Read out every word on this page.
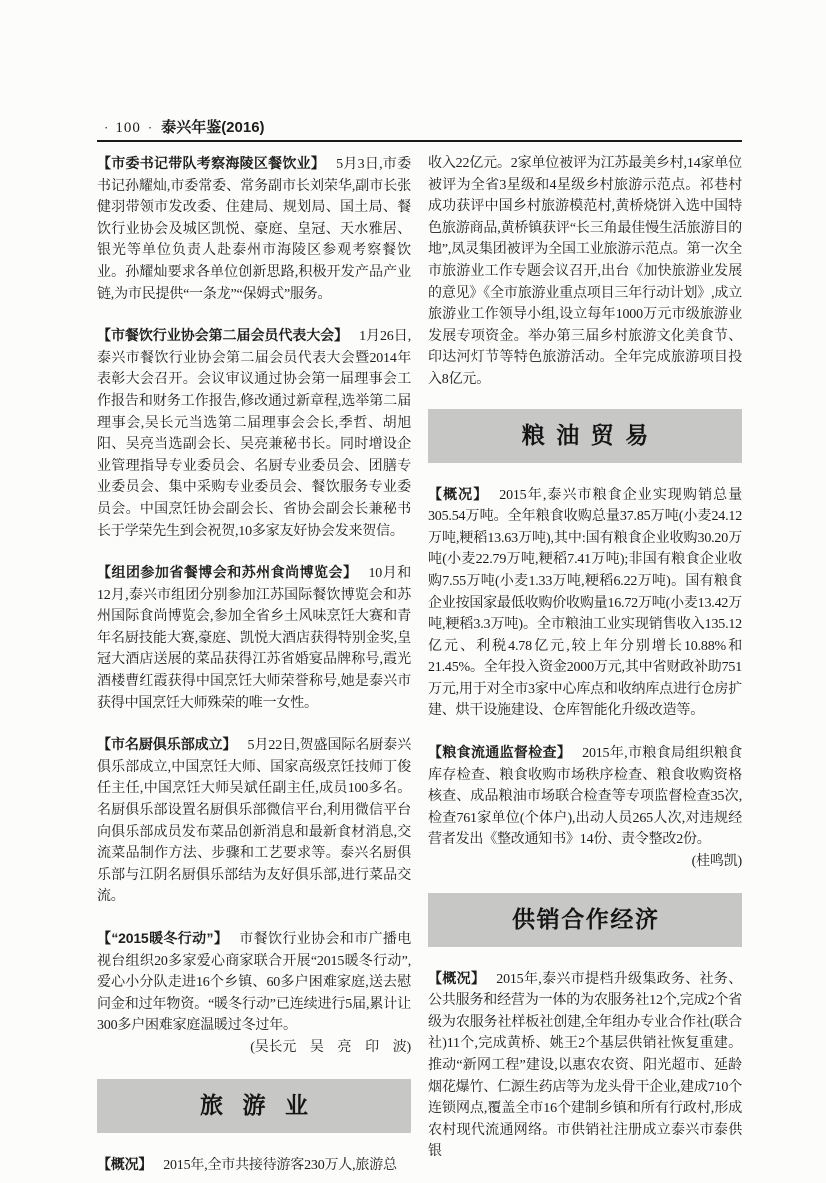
· 100 · 泰兴年鉴(2016)

【市委书记带队考察海陵区餐饮业】 5月3日,市委书记孙耀灿,市委常委、常务副市长刘荣华,副市长张健羽带领市发改委、住建局、规划局、国土局、餐饮行业协会及城区凯悦、豪庭、皇冠、天水雅居、银光等单位负责人赴泰州市海陵区参观考察餐饮业。孙耀灿要求各单位创新思路,积极开发产品产业链,为市民提供“一条龙”“保姆式”服务。

【市餐饮行业协会第二届会员代表大会】 1月26日,泰兴市餐饮行业协会第二届会员代表大会暨2014年表彰大会召开。会议审议通过协会第一届理事会工作报告和财务工作报告,修改通过新章程,选举第二届理事会,吴长元当选第二届理事会会长,季哲、胡旭阳、吴亮当选副会长、吴亮兼秘书长。同时增设企业管理指导专业委员会、名厨专业委员会、团膳专业委员会、集中采购专业委员会、餐饮服务专业委员会。中国烹饪协会副会长、省协会副会长兼秘书长于学荣先生到会祝贺,10多家友好协会发来贺信。

【组团参加省餐博会和苏州食尚博览会】 10月和12月,泰兴市组团分别参加江苏国际餐饮博览会和苏州国际食尚博览会,参加全省乡土风味烹饪大赛和青年名厨技能大赛,豪庭、凯悦大酒店获得特别金奖,皇冠大酒店送展的菜品获得江苏省婚宴品牌称号,霞光酒楼曹红霞获得中国烹饪大师荣誉称号,她是泰兴市获得中国烹饪大师殊荣的唯一女性。

【市名厨俱乐部成立】 5月22日,贺盛国际名厨泰兴俱乐部成立,中国烹饪大师、国家高级烹饪技师丁俊任主任,中国烹饪大师吴斌任副主任,成员100多名。名厨俱乐部设置名厨俱乐部微信平台,利用微信平台向俱乐部成员发布菜品创新消息和最新食材消息,交流菜品制作方法、步骤和工艺要求等。泰兴名厨俱乐部与江阴名厨俱乐部结为友好俱乐部,进行菜品交流。

【“2015暖冬行动”】 市餐饮行业协会和市广播电视台组织20多家爱心商家联合开展“2015暖冬行动”,爱心小分队走进16个乡镇、60多户困难家庭,送去慰问金和过年物资。“暖冬行动”已连续进行5届,累计让300多户困难家庭温暖过冬过年。

(吴长元　吴　亮　印　波)

旅游业

【概况】 2015年,全市共接待游客230万人,旅游总

收入22亿元。2家单位被评为江苏最美乡村,14家单位被评为全省3星级和4星级乡村旅游示范点。祁巷村成功获评中国乡村旅游模范村,黄桥烧饼入选中国特色旅游商品,黄桥镇获评“长三角最佳慢生活旅游目的地”,凤灵集团被评为全国工业旅游示范点。第一次全市旅游业工作专题会议召开,出台《加快旅游业发展的意见》《全市旅游业重点项目三年行动计划》,成立旅游业工作领导小组,设立每年1000万元市级旅游业发展专项资金。举办第三届乡村旅游文化美食节、印达河灯节等特色旅游活动。全年完成旅游项目投入8亿元。

粮油贸易

【概况】 2015年,泰兴市粮食企业实现购销总量305.54万吨。全年粮食收购总量37.85万吨(小麦24.12万吨,粳稻13.63万吨),其中:国有粮食企业收购30.20万吨(小麦22.79万吨,粳稻7.41万吨);非国有粮食企业收购7.55万吨(小麦1.33万吨,粳稻6.22万吨)。国有粮食企业按国家最低收购价收购量16.72万吨(小麦13.42万吨,粳稻3.3万吨)。全市粮油工业实现销售收入135.12亿元、利税4.78亿元,较上年分别增长10.88%和21.45%。全年投入资金2000万元,其中省财政补助751万元,用于对全市3家中心库点和收纳库点进行仓房扩建、烘干设施建设、仓库智能化升级改造等。

【粮食流通监督检查】 2015年,市粮食局组织粮食库存检查、粮食收购市场秩序检查、粮食收购资格核查、成品粮油市场联合检查等专项监督检查35次,检查761家单位(个体户),出动人员265人次,对违规经营者发出《整改通知书》14份、责令整改2份。

(桂鸣凯)

供销合作经济

【概况】 2015年,泰兴市提档升级集政务、社务、公共服务和经营为一体的为农服务社12个,完成2个省级为农服务社样板社创建,全年组办专业合作社(联合社)11个,完成黄桥、姚王2个基层供销社恢复重建。推动“新网工程”建设,以惠农农资、阳光超市、延龄烟花爆竹、仁源生药店等为龙头骨干企业,建成710个连锁网点,覆盖全市16个建制乡镇和所有行政村,形成农村现代流通网络。市供销社注册成立泰兴市泰供银
